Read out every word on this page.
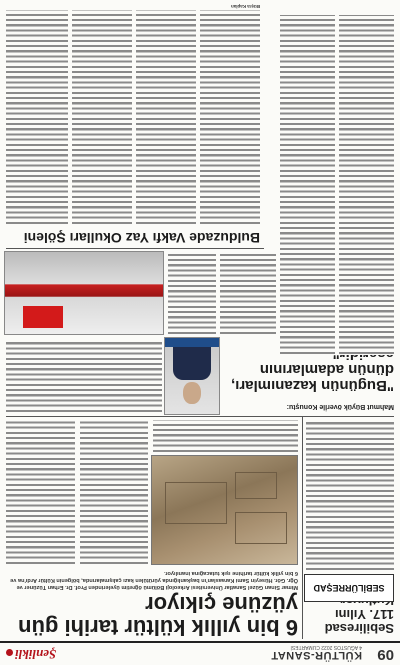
09
KÜLTÜR-SANAT
4 AĞUSTOS 2022 CUMARTESİ
Şenlikli
Sebiliresad 117. Yılını
SEBİLÜRREŞAD
6 bin yıllık kültür tarihi gün yüzüne çıkıyor
Mimar Sinan Güzel Sanatlar Üniversitesi Arkeoloji Bölümü öğretim üyelerinden Prof. Dr. Erhan Tüzüner ve Öğr. Gör. Hüseyin Sami Karaaslan'ın başkanlığında yürütülen kazı çalışmalarında, bölgenin Kültür Ardı'na ve 6 bin yıllık kültür tarihine ışık tutacağına inanılıyor.
Mahmut Büyük överİle Konuştu:
"Bugünün kazanımları, dünün adamlarının
Bulduzade Vakfı Yaz Okulları Şöleni
Büşra Kaplan
